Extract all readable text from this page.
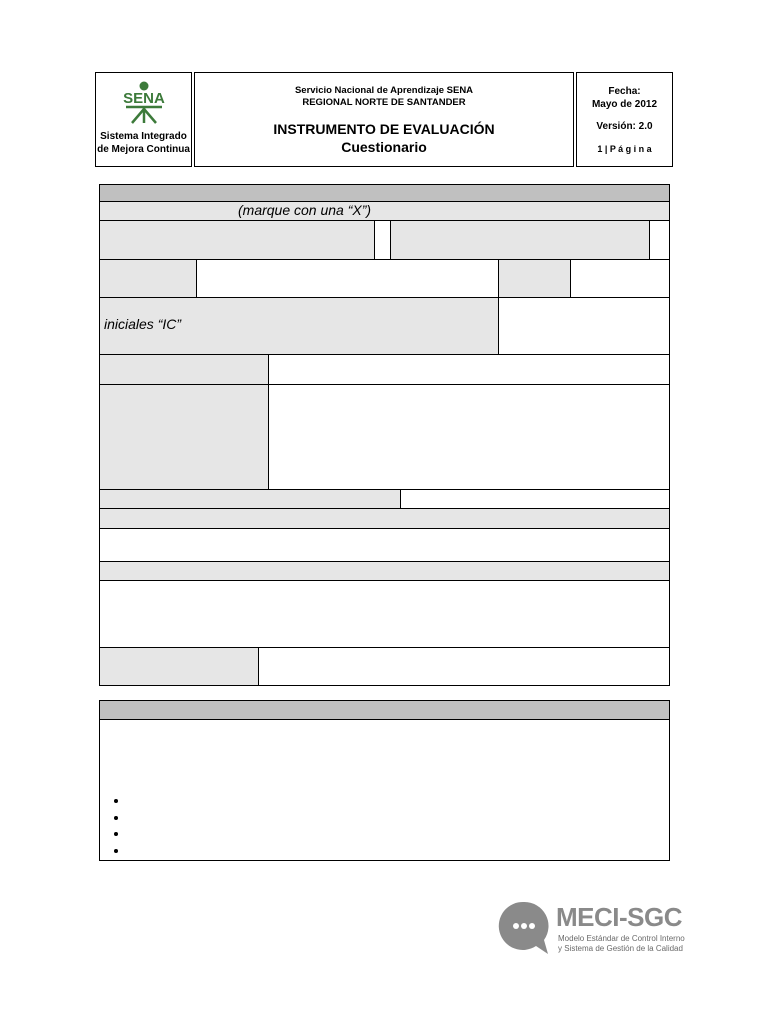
SENA
Sistema Integrado
de Mejora Continua
Servicio Nacional de Aprendizaje SENA
REGIONAL NORTE DE SANTANDER
INSTRUMENTO DE EVALUACIÓN
Cuestionario
Fecha:
Mayo de 2012
Versión: 2.0
1 | P á g i n a
(marque con una “X”)
iniciales “IC”
MECI-SGC
Modelo Estándar de Control Interno
y Sistema de Gestión de la Calidad
